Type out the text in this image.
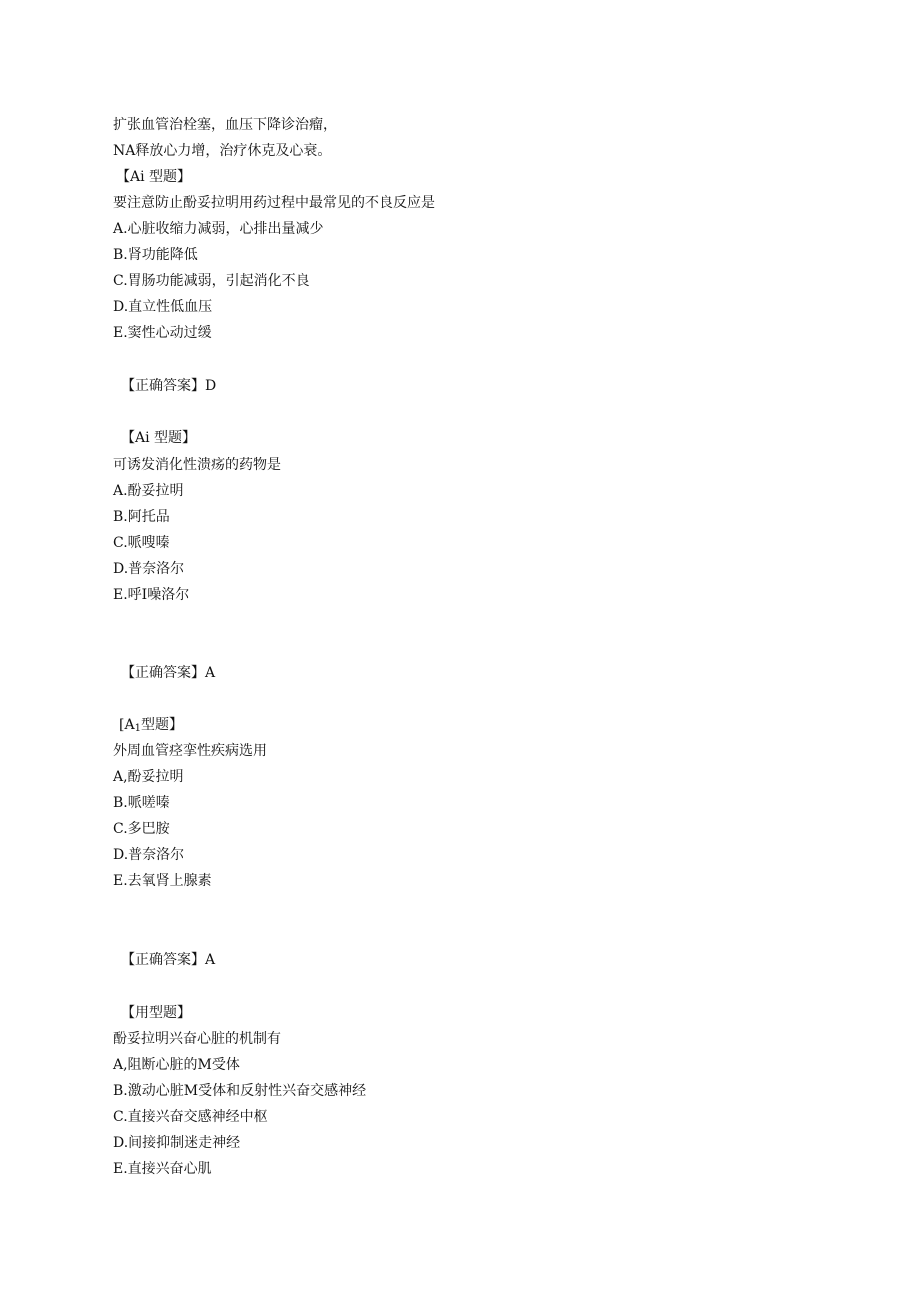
扩张血管治栓塞，血压下降诊治瘤，
NA释放心力增，治疗休克及心衰。
【Ai 型题】
要注意防止酚妥拉明用药过程中最常见的不良反应是
A.心脏收缩力减弱，心排出量减少
B.肾功能降低
C.胃肠功能减弱，引起消化不良
D.直立性低血压
E.窦性心动过缓
【正确答案】D
【Ai 型题】
可诱发消化性溃疡的药物是
A.酚妥拉明
B.阿托品
C.哌嗖嗪
D.普奈洛尔
E.呼I噪洛尔
【正确答案】A
[$A_1$型题】
外周血管痉挛性疾病选用
A,酚妥拉明
B.哌嗟嗪
C.多巴胺
D.普奈洛尔
E.去氧肾上腺素
【正确答案】A
【用型题】
酚妥拉明兴奋心脏的机制有
A,阻断心脏的M受体
B.激动心脏M受体和反射性兴奋交感神经
C.直接兴奋交感神经中枢
D.间接抑制迷走神经
E.直接兴奋心肌
